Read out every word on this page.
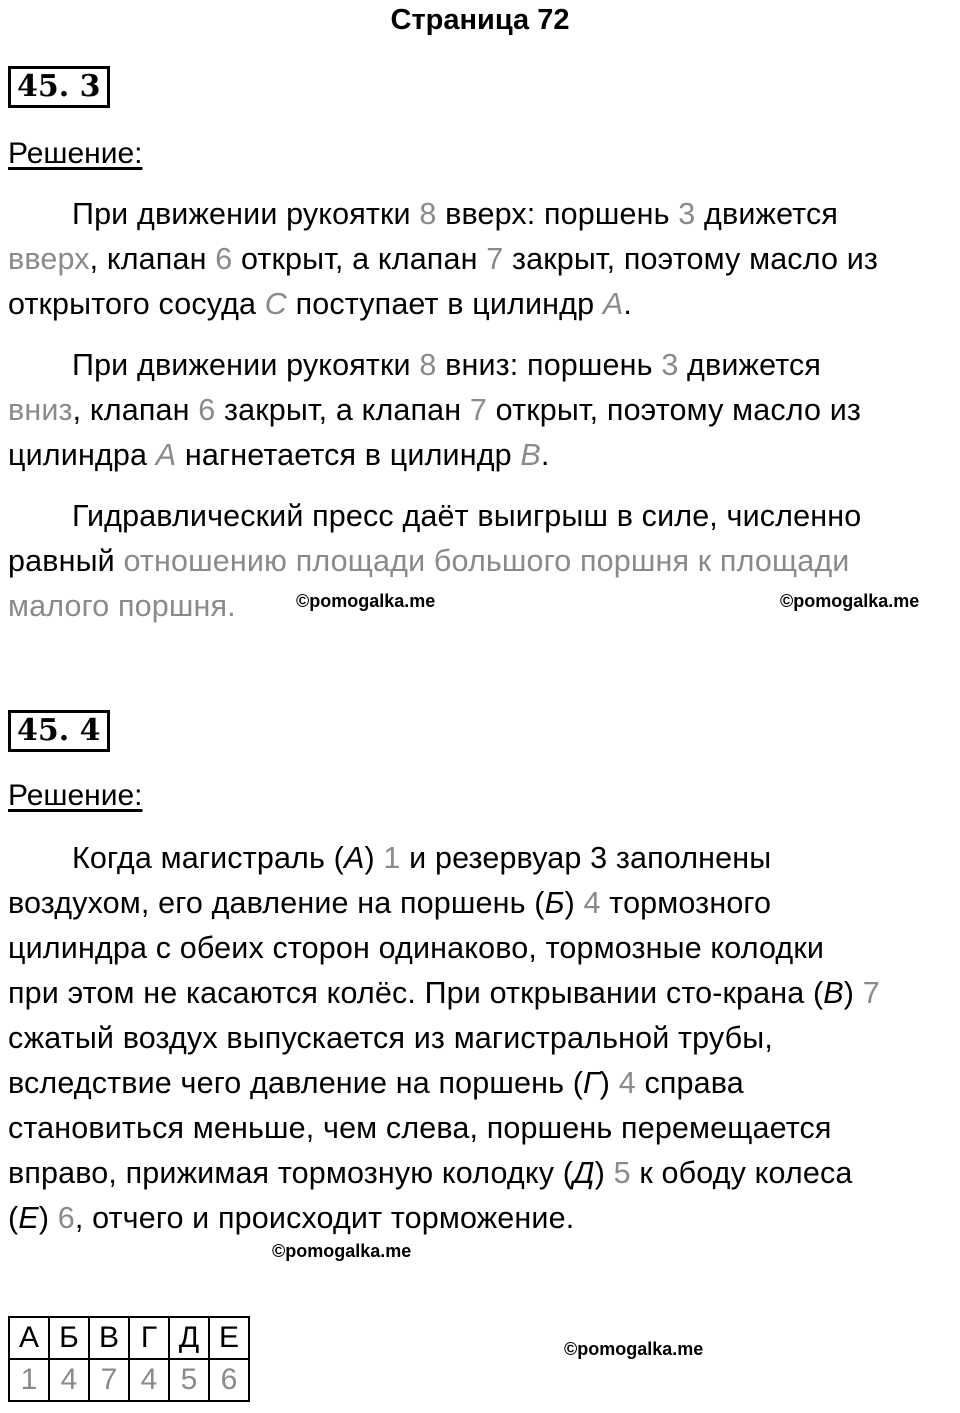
Страница 72
45. 3
Решение:
При движении рукоятки 8 вверх: поршень 3 движется
вверх, клапан 6 открыт, а клапан 7 закрыт, поэтому масло из
открытого сосуда С поступает в цилиндр А.
При движении рукоятки 8 вниз: поршень 3 движется
вниз, клапан 6 закрыт, а клапан 7 открыт, поэтому масло из
цилиндра А нагнетается в цилиндр В.
Гидравлический пресс даёт выигрыш в силе, численно
равный отношению площади большого поршня к площади
малого поршня.	©pomogalka.me	©pomogalka.me
45. 4
Решение:
Когда магистраль (А) 1 и резервуар 3 заполнены
воздухом, его давление на поршень (Б) 4 тормозного
цилиндра с обеих сторон одинаково, тормозные колодки
при этом не касаются колёс. При открывании сто-крана (В) 7
сжатый воздух выпускается из магистральной трубы,
вследствие чего давление на поршень (Г) 4 справа
становиться меньше, чем слева, поршень перемещается
вправо, прижимая тормозную колодку (Д) 5 к ободу колеса
(Е) 6, отчего и происходит торможение.
©pomogalka.me
А	Б	В	Г	Д	Е
1	4	7	4	5	6
©pomogalka.me
